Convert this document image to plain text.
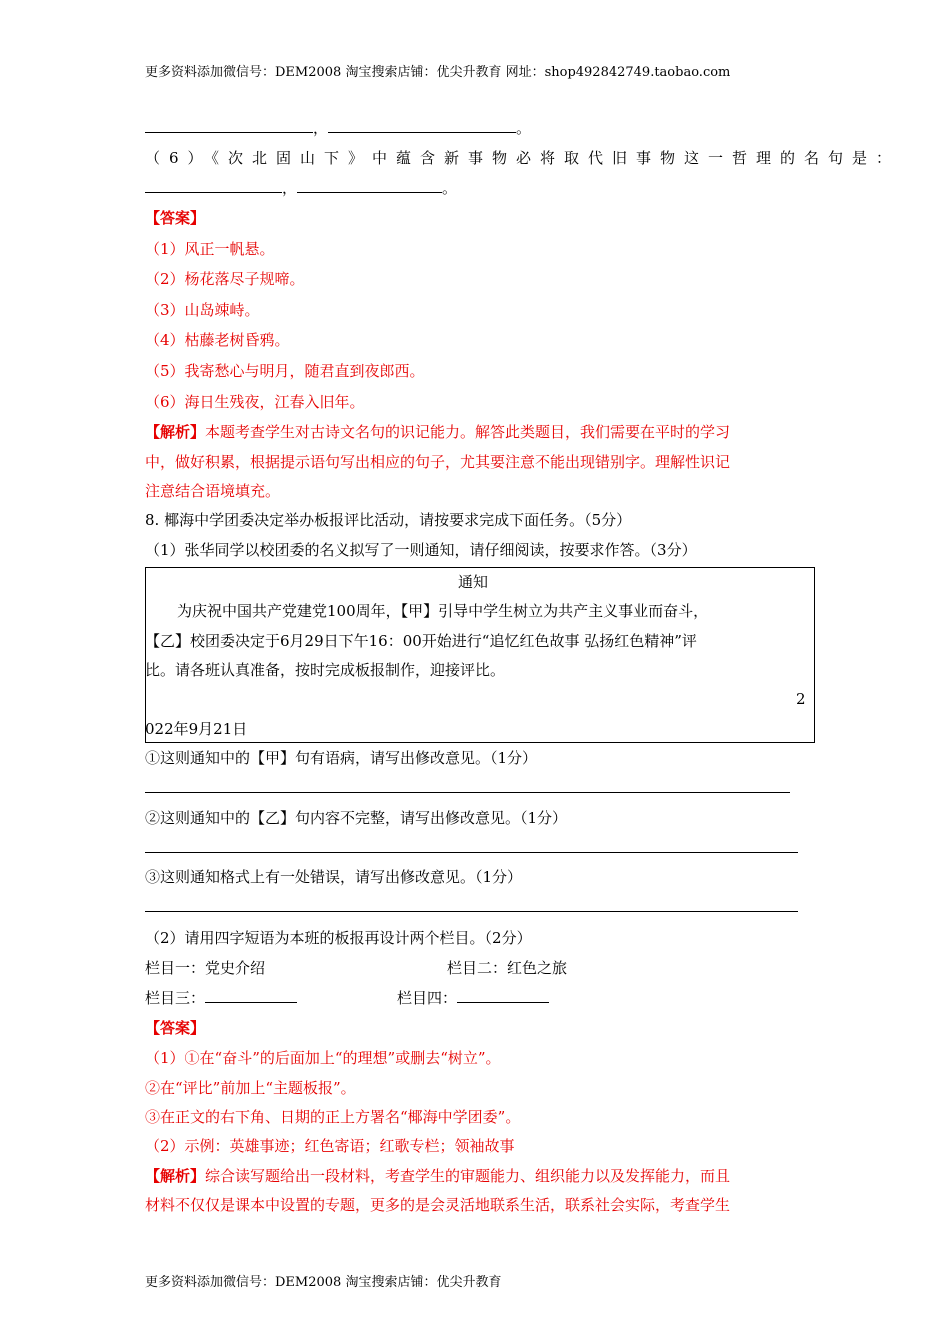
更多资料添加微信号：DEM2008 淘宝搜索店铺：优尖升教育 网址：shop492842749.taobao.com
，	。
（6）《次北固山下》中蕴含新事物必将取代旧事物这一哲理的名句是：
，	。
【答案】
（1）风正一帆悬。
（2）杨花落尽子规啼。
（3）山岛竦峙。
（4）枯藤老树昏鸦。
（5）我寄愁心与明月，随君直到夜郎西。
（6）海日生残夜，江春入旧年。
【解析】本题考查学生对古诗文名句的识记能力。解答此类题目，我们需要在平时的学习
中，做好积累，根据提示语句写出相应的句子，尤其要注意不能出现错别字。理解性识记
注意结合语境填充。
8. 椰海中学团委决定举办板报评比活动，请按要求完成下面任务。（5分）
（1）张华同学以校团委的名义拟写了一则通知，请仔细阅读，按要求作答。（3分）
通知
为庆祝中国共产党建党100周年，【甲】引导中学生树立为共产主义事业而奋斗，
【乙】校团委决定于6月29日下午16：00开始进行“追忆红色故事 弘扬红色精神”评
比。请各班认真准备，按时完成板报制作，迎接评比。
2
022年9月21日
①这则通知中的【甲】句有语病，请写出修改意见。（1分）
②这则通知中的【乙】句内容不完整，请写出修改意见。（1分）
③这则通知格式上有一处错误，请写出修改意见。（1分）
（2）请用四字短语为本班的板报再设计两个栏目。（2分）
栏目一：党史介绍	栏目二：红色之旅
栏目三：	栏目四：
【答案】
（1）①在“奋斗”的后面加上“的理想”或删去“树立”。
②在“评比”前加上“主题板报”。
③在正文的右下角、日期的正上方署名“椰海中学团委”。
（2）示例：英雄事迹；红色寄语；红歌专栏；领袖故事
【解析】综合读写题给出一段材料，考查学生的审题能力、组织能力以及发挥能力，而且
材料不仅仅是课本中设置的专题，更多的是会灵活地联系生活，联系社会实际，考查学生
更多资料添加微信号：DEM2008 淘宝搜索店铺：优尖升教育
